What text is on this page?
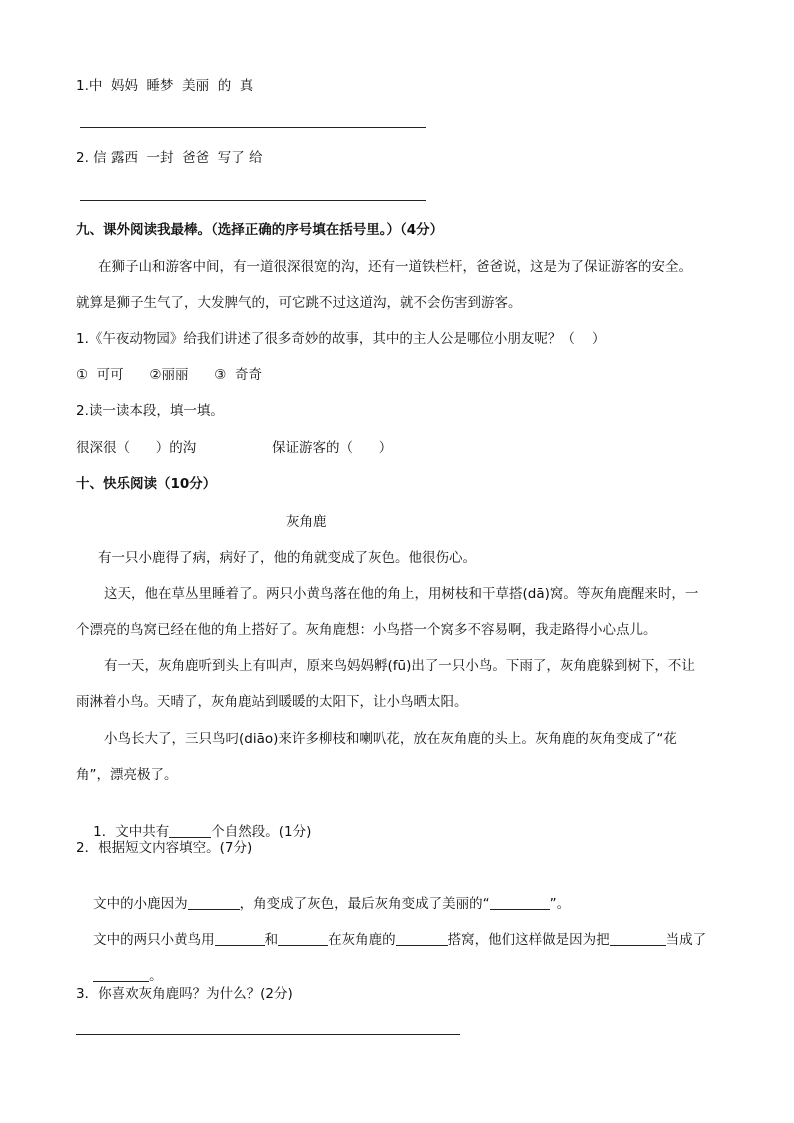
1.中  妈妈  睡梦  美丽  的  真
2. 信 露西  一封  爸爸  写了 给
九、课外阅读我最棒。（选择正确的序号填在括号里。）（4分）
在狮子山和游客中间，有一道很深很宽的沟，还有一道铁栏杆，爸爸说，这是为了保证游客的安全。
就算是狮子生气了，大发脾气的，可它跳不过这道沟，就不会伤害到游客。
1.《午夜动物园》给我们讲述了很多奇妙的故事，其中的主人公是哪位小朋友呢？（    ）
①  可可      ②丽丽      ③  奇奇
2.读一读本段，填一填。
很深很（      ）的沟	保证游客的（      ）
十、快乐阅读（10分）
灰角鹿
有一只小鹿得了病，病好了，他的角就变成了灰色。他很伤心。
这天，他在草丛里睡着了。两只小黄鸟落在他的角上，用树枝和干草搭(dā)窝。等灰角鹿醒来时，一
个漂亮的鸟窝已经在他的角上搭好了。灰角鹿想：小鸟搭一个窝多不容易啊，我走路得小心点儿。
有一天，灰角鹿听到头上有叫声，原来鸟妈妈孵(fū)出了一只小鸟。下雨了，灰角鹿躲到树下，不让
雨淋着小鸟。天晴了，灰角鹿站到暖暖的太阳下，让小鸟晒太阳。
小鸟长大了，三只鸟叼(diāo)来许多柳枝和喇叭花，放在灰角鹿的头上。灰角鹿的灰角变成了“花
角”，漂亮极了。

1．文中共有	个自然段。(1分)

2．根据短文内容填空。(7分)

文中的小鹿因为	，角变成了灰色，最后灰角变成了美丽的“	”。

文中的两只小黄鸟用	和	在灰角鹿的	搭窝，他们这样做是因为把	当成了

。

3．你喜欢灰角鹿吗？为什么？(2分)
